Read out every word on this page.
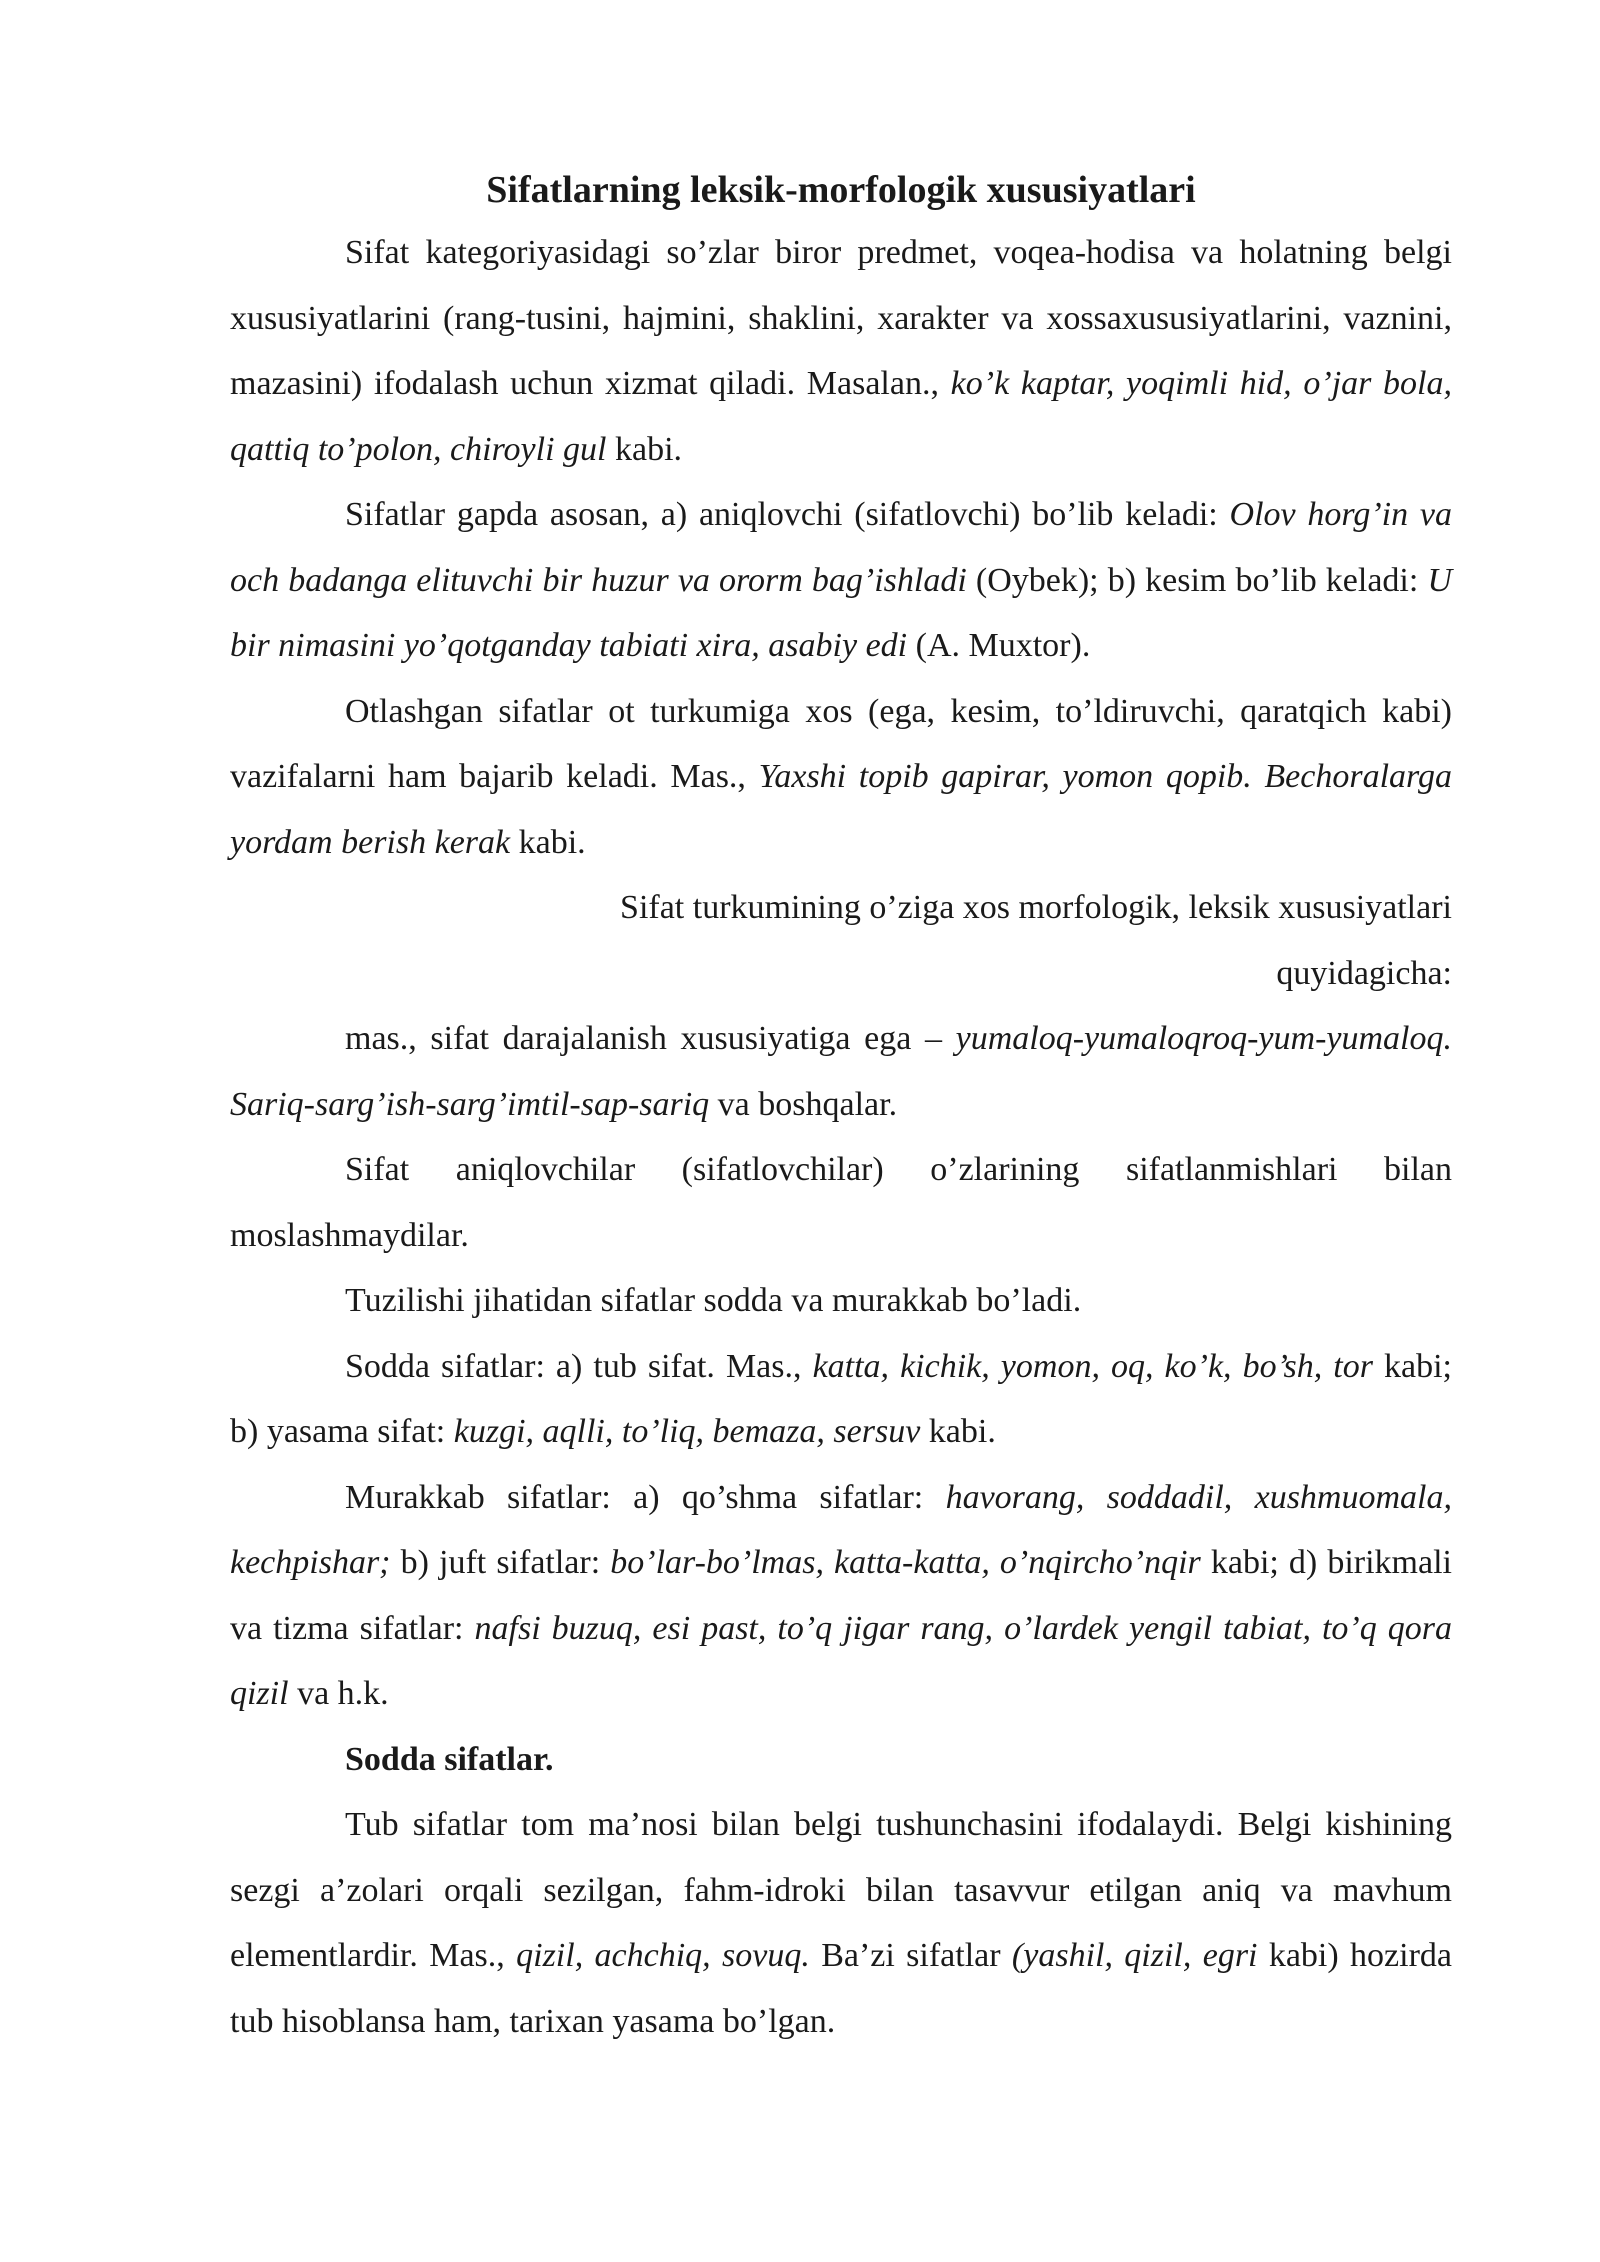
Sifatlarning leksik-morfologik xususiyatlari

Sifat kategoriyasidagi so’zlar biror predmet, voqea-hodisa va holatning belgi xususiyatlarini (rang-tusini, hajmini, shaklini, xarakter va xossaxususiyatlarini, vaznini, mazasini) ifodalash uchun xizmat qiladi. Masalan., ko’k kaptar, yoqimli hid, o’jar bola, qattiq to’polon, chiroyli gul kabi.

Sifatlar gapda asosan, a) aniqlovchi (sifatlovchi) bo’lib keladi: Olov horg’in va och badanga elituvchi bir huzur va ororm bag’ishladi (Oybek); b) kesim bo’lib keladi: U bir nimasini yo’qotganday tabiati xira, asabiy edi (A. Muxtor).

Otlashgan sifatlar ot turkumiga xos (ega, kesim, to’ldiruvchi, qaratqich kabi) vazifalarni ham bajarib keladi. Mas., Yaxshi topib gapirar, yomon qopib. Bechoralarga yordam berish kerak kabi.

Sifat turkumining o’ziga xos morfologik, leksik xususiyatlari quyidagicha:

mas., sifat darajalanish xususiyatiga ega – yumaloq-yumaloqroq-yum-yumaloq. Sariq-sarg’ish-sarg’imtil-sap-sariq va boshqalar.

Sifat aniqlovchilar (sifatlovchilar) o’zlarining sifatlanmishlari bilan moslashmaydilar.

Tuzilishi jihatidan sifatlar sodda va murakkab bo’ladi.

Sodda sifatlar: a) tub sifat. Mas., katta, kichik, yomon, oq, ko’k, bo’sh, tor kabi; b) yasama sifat: kuzgi, aqlli, to’liq, bemaza, sersuv kabi.

Murakkab sifatlar: a) qo’shma sifatlar: havorang, soddadil, xushmuomala, kechpishar; b) juft sifatlar: bo’lar-bo’lmas, katta-katta, o’nqircho’nqir kabi; d) birikmali va tizma sifatlar: nafsi buzuq, esi past, to’q jigar rang, o’lardek yengil tabiat, to’q qora qizil va h.k.

Sodda sifatlar.

Tub sifatlar tom ma’nosi bilan belgi tushunchasini ifodalaydi. Belgi kishining sezgi a’zolari orqali sezilgan, fahm-idroki bilan tasavvur etilgan aniq va mavhum elementlardir. Mas., qizil, achchiq, sovuq. Ba’zi sifatlar (yashil, qizil, egri kabi) hozirda tub hisoblansa ham, tarixan yasama bo’lgan.
